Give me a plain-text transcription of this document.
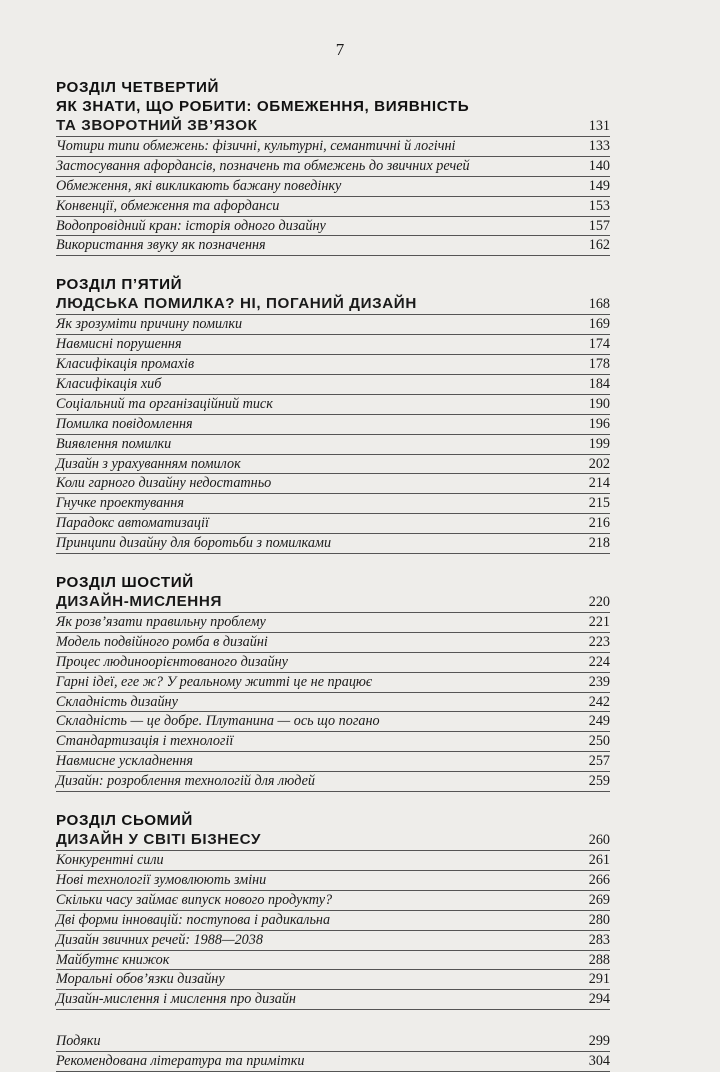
7
РОЗДІЛ ЧЕТВЕРТИЙ
ЯК ЗНАТИ, ЩО РОБИТИ: ОБМЕЖЕННЯ, ВИЯВНІСТЬ
ТА ЗВОРОТНИЙ ЗВ’ЯЗОК	131
Чотири типи обмежень: фізичні, культурні, семантичні й логічні	133
Застосування афордансів, позначень та обмежень до звичних речей	140
Обмеження, які викликають бажану поведінку	149
Конвенції, обмеження та афорданси	153
Водопровідний кран: історія одного дизайну	157
Використання звуку як позначення	162
РОЗДІЛ П’ЯТИЙ
ЛЮДСЬКА ПОМИЛКА? НІ, ПОГАНИЙ ДИЗАЙН	168
Як зрозуміти причину помилки	169
Навмисні порушення	174
Класифікація промахів	178
Класифікація хиб	184
Соціальний та організаційний тиск	190
Помилка повідомлення	196
Виявлення помилки	199
Дизайн з урахуванням помилок	202
Коли гарного дизайну недостатньо	214
Гнучке проектування	215
Парадокс автоматизації	216
Принципи дизайну для боротьби з помилками	218
РОЗДІЛ ШОСТИЙ
ДИЗАЙН-МИСЛЕННЯ	220
Як розв’язати правильну проблему	221
Модель подвійного ромба в дизайні	223
Процес людиноорієнтованого дизайну	224
Гарні ідеї, еге ж? У реальному житті це не працює	239
Складність дизайну	242
Складність — це добре. Плутанина — ось що погано	249
Стандартизація і технології	250
Навмисне ускладнення	257
Дизайн: розроблення технологій для людей	259
РОЗДІЛ СЬОМИЙ
ДИЗАЙН У СВІТІ БІЗНЕСУ	260
Конкурентні сили	261
Нові технології зумовлюють зміни	266
Скільки часу займає випуск нового продукту?	269
Дві форми інновацій: поступова і радикальна	280
Дизайн звичних речей: 1988—2038	283
Майбутнє книжок	288
Моральні обов’язки дизайну	291
Дизайн-мислення і мислення про дизайн	294
Подяки	299
Рекомендована література та примітки	304
